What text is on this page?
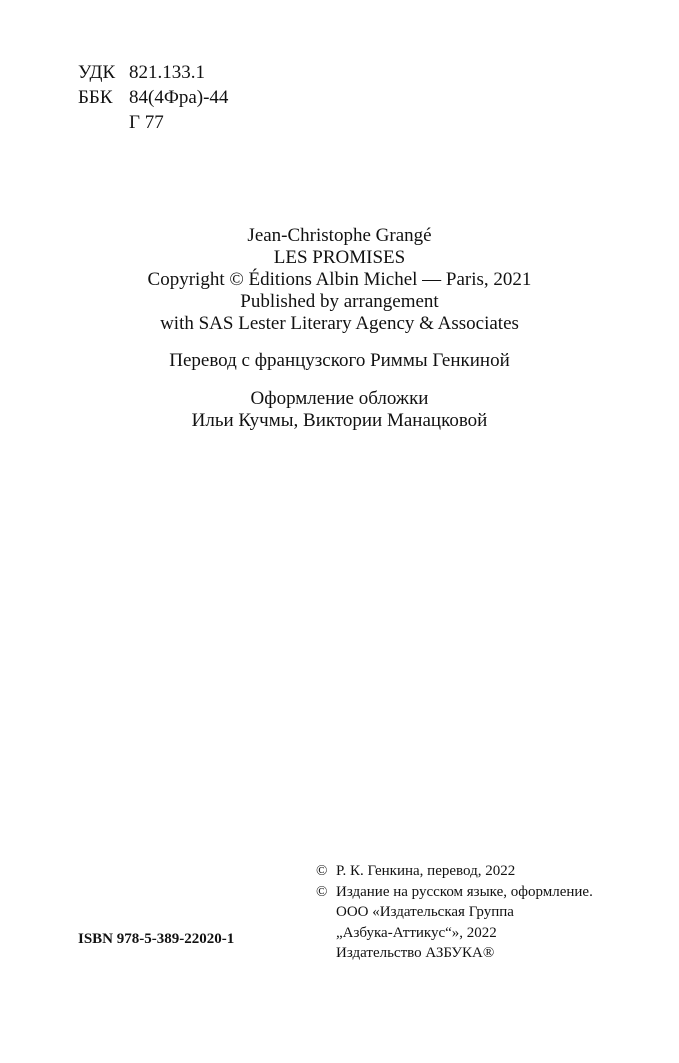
УДК 821.133.1
ББК 84(4Фра)-44
Г 77
Jean-Christophe Grangé
LES PROMISES
Copyright © Éditions Albin Michel — Paris, 2021
Published by arrangement
with SAS Lester Literary Agency & Associates
Перевод с французского Риммы Генкиной
Оформление обложки
Ильи Кучмы, Виктории Манацковой
ISBN 978-5-389-22020-1
© Р. К. Генкина, перевод, 2022
© Издание на русском языке, оформление.
ООО «Издательская Группа
„Азбука-Аттикус“», 2022
Издательство АЗБУКА®
